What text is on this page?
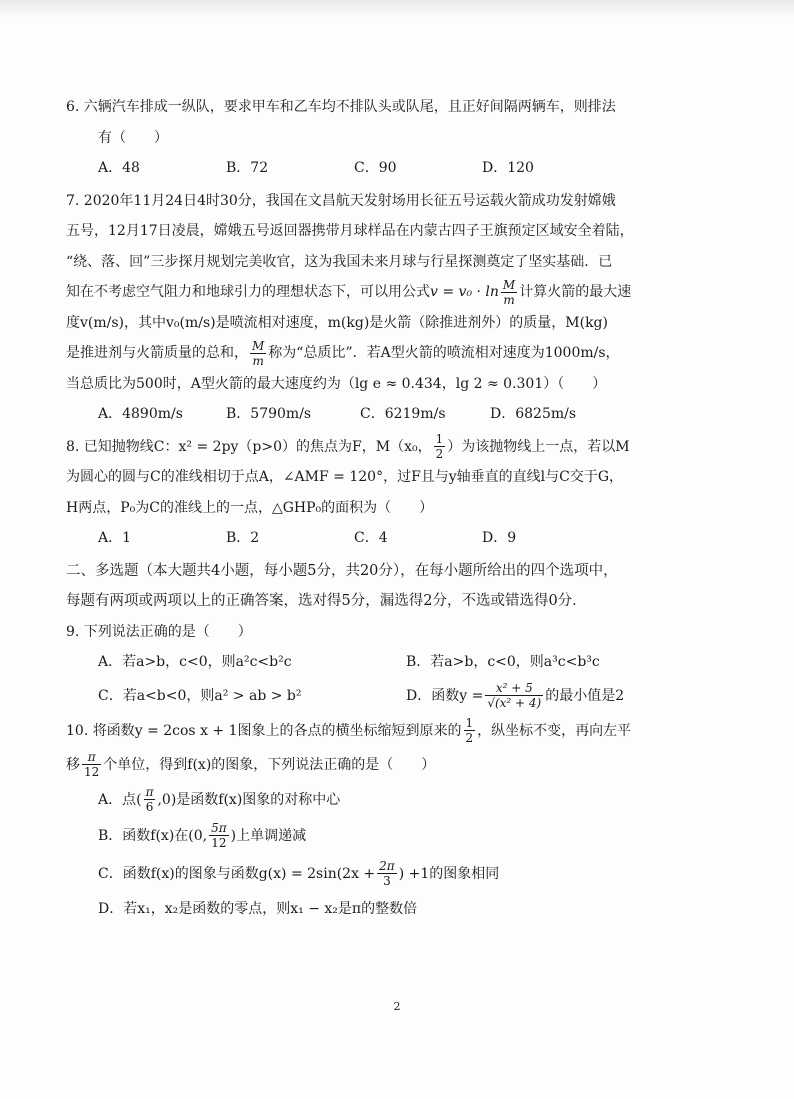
6. 六辆汽车排成一纵队，要求甲车和乙车均不排队头或队尾，且正好间隔两辆车，则排法
有（　　）
A．48	B．72	C．90	D．120
7. 2020年11月24日4时30分，我国在文昌航天发射场用长征五号运载火箭成功发射嫦娥
五号，12月17日凌晨，嫦娥五号返回器携带月球样品在内蒙古四子王旗预定区域安全着陆，
“绕、落、回”三步探月规划完美收官，这为我国未来月球与行星探测奠定了坚实基础．已
知在不考虑空气阻力和地球引力的理想状态下，可以用公式$v = v_0 \cdot \ln \frac{M}{m}$ 计算火箭的最大速
度v(m/s)，其中v₀(m/s)是喷流相对速度，m(kg)是火箭（除推进剂外）的质量，M(kg)
是推进剂与火箭质量的总和， $\frac{M}{m}$ 称为“总质比”．若A型火箭的喷流相对速度为1000m/s，
当总质比为500时，A型火箭的最大速度约为（lg e ≈ 0.434，lg 2 ≈ 0.301）（　　）
A．4890m/s	B．5790m/s	C．6219m/s	D．6825m/s
8. 已知抛物线C：x² = 2py（p>0）的焦点为F，M（x₀， $\frac{1}{2}$ ）为该抛物线上一点，若以M
为圆心的圆与C的准线相切于点A，∠AMF = 120°，过F且与y轴垂直的直线l与C交于G，
H两点，P₀为C的准线上的一点，△GHP₀的面积为（　　）
A．1	B．2	C．4	D．9
二、多选题（本大题共4小题，每小题5分，共20分），在每小题所给出的四个选项中，
每题有两项或两项以上的正确答案，选对得5分，漏选得2分，不选或错选得0分．
9. 下列说法正确的是（　　）
A．若a>b，c<0，则a²c<b²c	B．若a>b，c<0，则a³c<b³c
C．若a<b<0，则a² > ab > b²	D．函数$y = \frac{\text{x² + 5}}{\text{√(x² + 4)}}$ 的最小值是2
10. 将函数y = 2cos x + 1图象上的各点的横坐标缩短到原来的 $\frac{1}{2}$ ，纵坐标不变，再向左平
移 $\frac{\pi}{12}$ 个单位，得到f(x)的图象，下列说法正确的是（　　）
A．点( $\frac{\pi}{6} ,0$)是函数f(x)图象的对称中心
B．函数f(x)在(0, $\frac{5\pi}{12}$ )上单调递减
C．函数f(x)的图象与函数$g(x) = 2\sin(2x + \frac{2\pi}{3}$ ) +1的图象相同
D．若x₁，x₂是函数的零点，则x₁ − x₂是π的整数倍
2
